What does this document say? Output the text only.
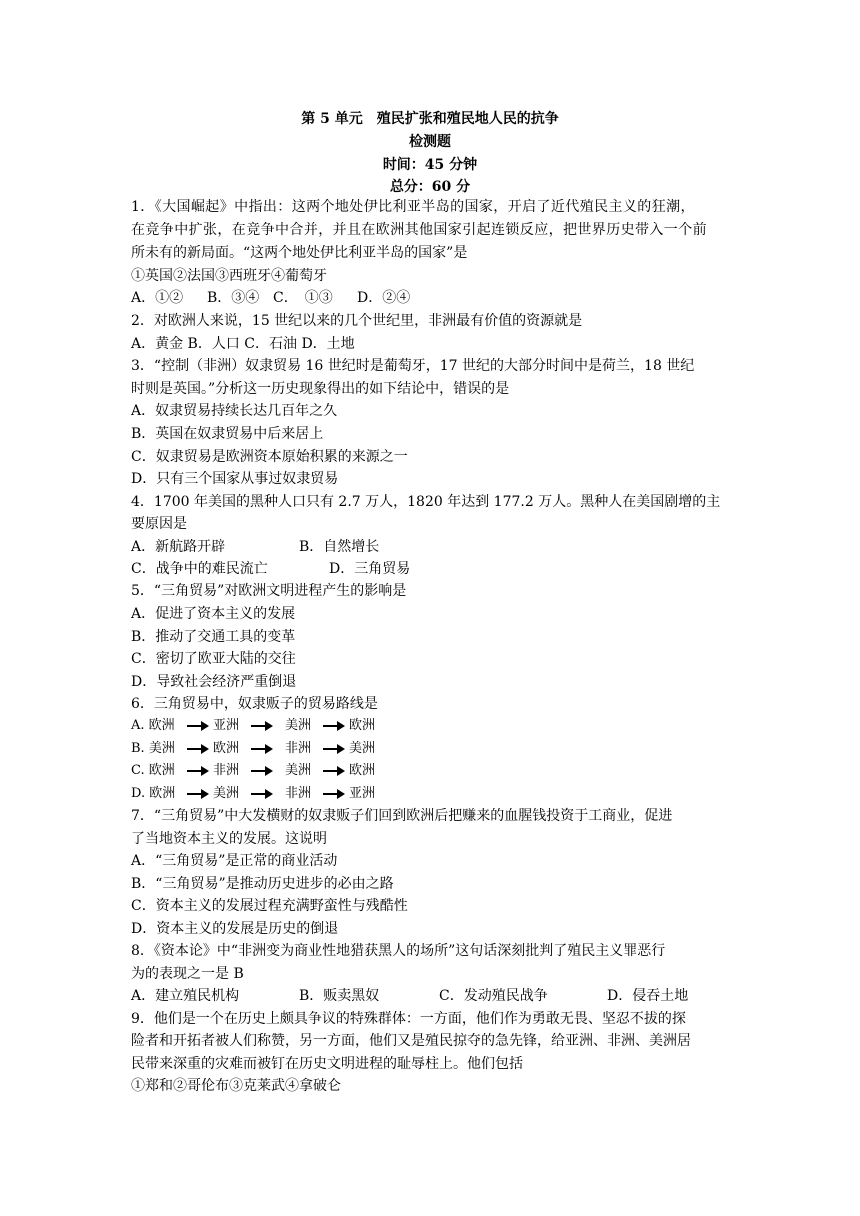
第 5 单元　殖民扩张和殖民地人民的抗争
检测题
时间：45 分钟
总分：60 分
1．《大国崛起》中指出：这两个地处伊比利亚半岛的国家，开启了近代殖民主义的狂潮，
在竞争中扩张，在竞争中合并，并且在欧洲其他国家引起连锁反应，把世界历史带入一个前
所未有的新局面。“这两个地处伊比利亚半岛的国家”是
①英国②法国③西班牙④葡萄牙
A．①② B．③④ C．　①③ D．②④
2．对欧洲人来说，15 世纪以来的几个世纪里，非洲最有价值的资源就是
A．黄金 B．人口 C．石油 D．土地
3．“控制（非洲）奴隶贸易 16 世纪时是葡萄牙，17 世纪的大部分时间中是荷兰，18 世纪
时则是英国。”分析这一历史现象得出的如下结论中，错误的是
A．奴隶贸易持续长达几百年之久
B．英国在奴隶贸易中后来居上
C．奴隶贸易是欧洲资本原始积累的来源之一
D．只有三个国家从事过奴隶贸易
4．1700 年美国的黑种人口只有 2.7 万人，1820 年达到 177.2 万人。黑种人在美国剧增的主
要原因是
A．新航路开辟	B．自然增长
C．战争中的难民流亡	D．三角贸易
5．“三角贸易”对欧洲文明进程产生的影响是
A．促进了资本主义的发展
B．推动了交通工具的变革
C．密切了欧亚大陆的交往
D．导致社会经济严重倒退
6．三角贸易中，奴隶贩子的贸易路线是
A. 欧洲	亚洲	美洲	欧洲
B. 美洲	欧洲	非洲	美洲
C. 欧洲	非洲	美洲	欧洲
D. 欧洲	美洲	非洲	亚洲
7．“三角贸易”中大发横财的奴隶贩子们回到欧洲后把赚来的血腥钱投资于工商业，促进
了当地资本主义的发展。这说明
A．“三角贸易”是正常的商业活动
B．“三角贸易”是推动历史进步的必由之路
C．资本主义的发展过程充满野蛮性与残酷性
D．资本主义的发展是历史的倒退
8．《资本论》中“非洲变为商业性地猎获黑人的场所”这句话深刻批判了殖民主义罪恶行
为的表现之一是 B
A．建立殖民机构	B．贩卖黑奴	C．发动殖民战争	D．侵吞土地
9．他们是一个在历史上颇具争议的特殊群体：一方面，他们作为勇敢无畏、坚忍不拔的探
险者和开拓者被人们称赞，另一方面，他们又是殖民掠夺的急先锋，给亚洲、非洲、美洲居
民带来深重的灾难而被钉在历史文明进程的耻辱柱上。他们包括
①郑和②哥伦布③克莱武④拿破仑
